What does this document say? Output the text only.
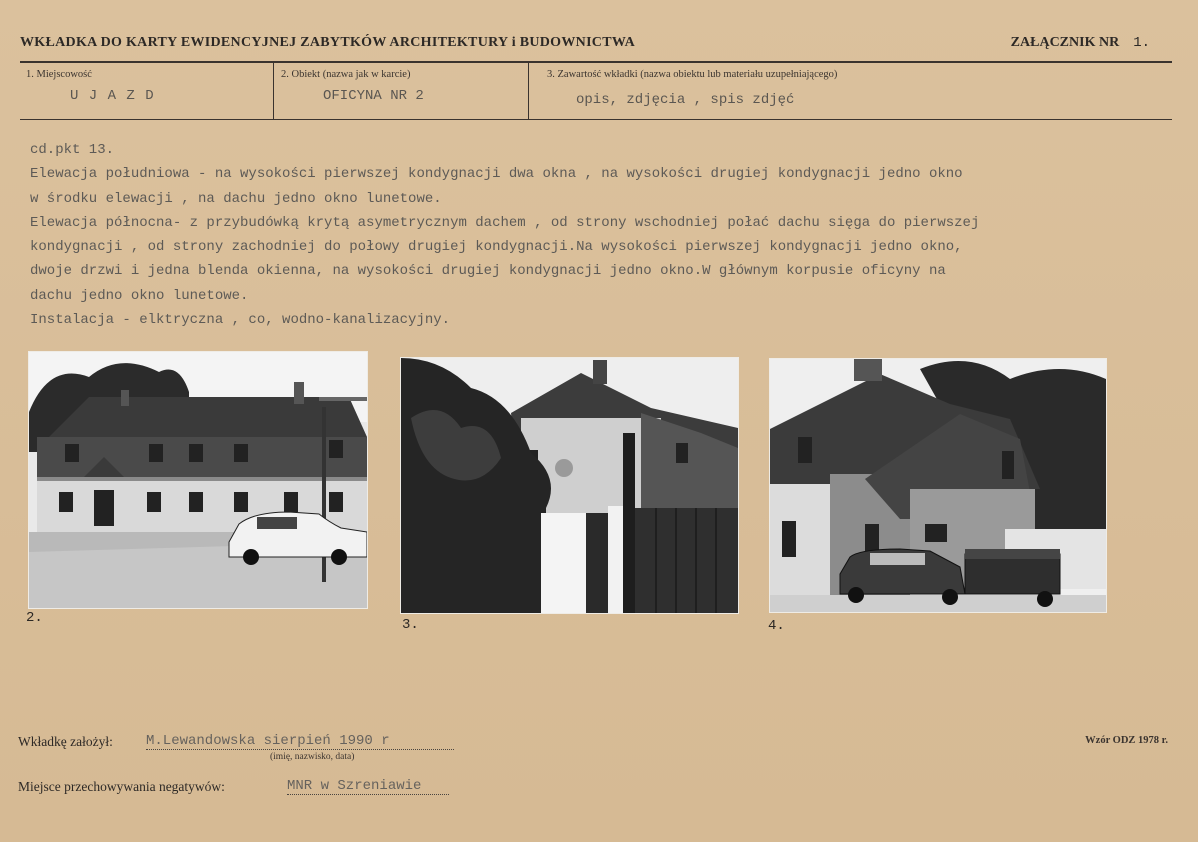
WKŁADKA DO KARTY EWIDENCYJNEJ ZABYTKÓW ARCHITEKTURY i BUDOWNICTWA	ZAŁĄCZNIK NR 1.
1. Miejscowość
U J A Z D
2. Obiekt (nazwa jak w karcie)
OFICYNA NR 2
3. Zawartość wkładki (nazwa obiektu lub materiału uzupełniającego)
opis, zdjęcia , spis zdjęć
cd.pkt 13.
Elewacja południowa - na wysokości pierwszej kondygnacji dwa okna , na wysokości drugiej kondygnacji jedno okno
w środku elewacji , na dachu jedno okno lunetowe.
Elewacja północna- z przybudówką krytą asymetrycznym dachem , od strony wschodniej połać dachu sięga do pierwszej
kondygnacji , od strony zachodniej do połowy drugiej kondygnacji.Na wysokości pierwszej kondygnacji jedno okno,
dwoje drzwi i jedna blenda okienna, na wysokości drugiej kondygnacji jedno okno.W głównym korpusie oficyny na
dachu jedno okno lunetowe.
Instalacja - elktryczna , co, wodno-kanalizacyjny.
2.	3.	4.
Wkładkę założył: M.Lewandowska sierpień 1990 r
(imię, nazwisko, data)
Wzór ODZ 1978 r.
Miejsce przechowywania negatywów:	MNR w Szreniawie
